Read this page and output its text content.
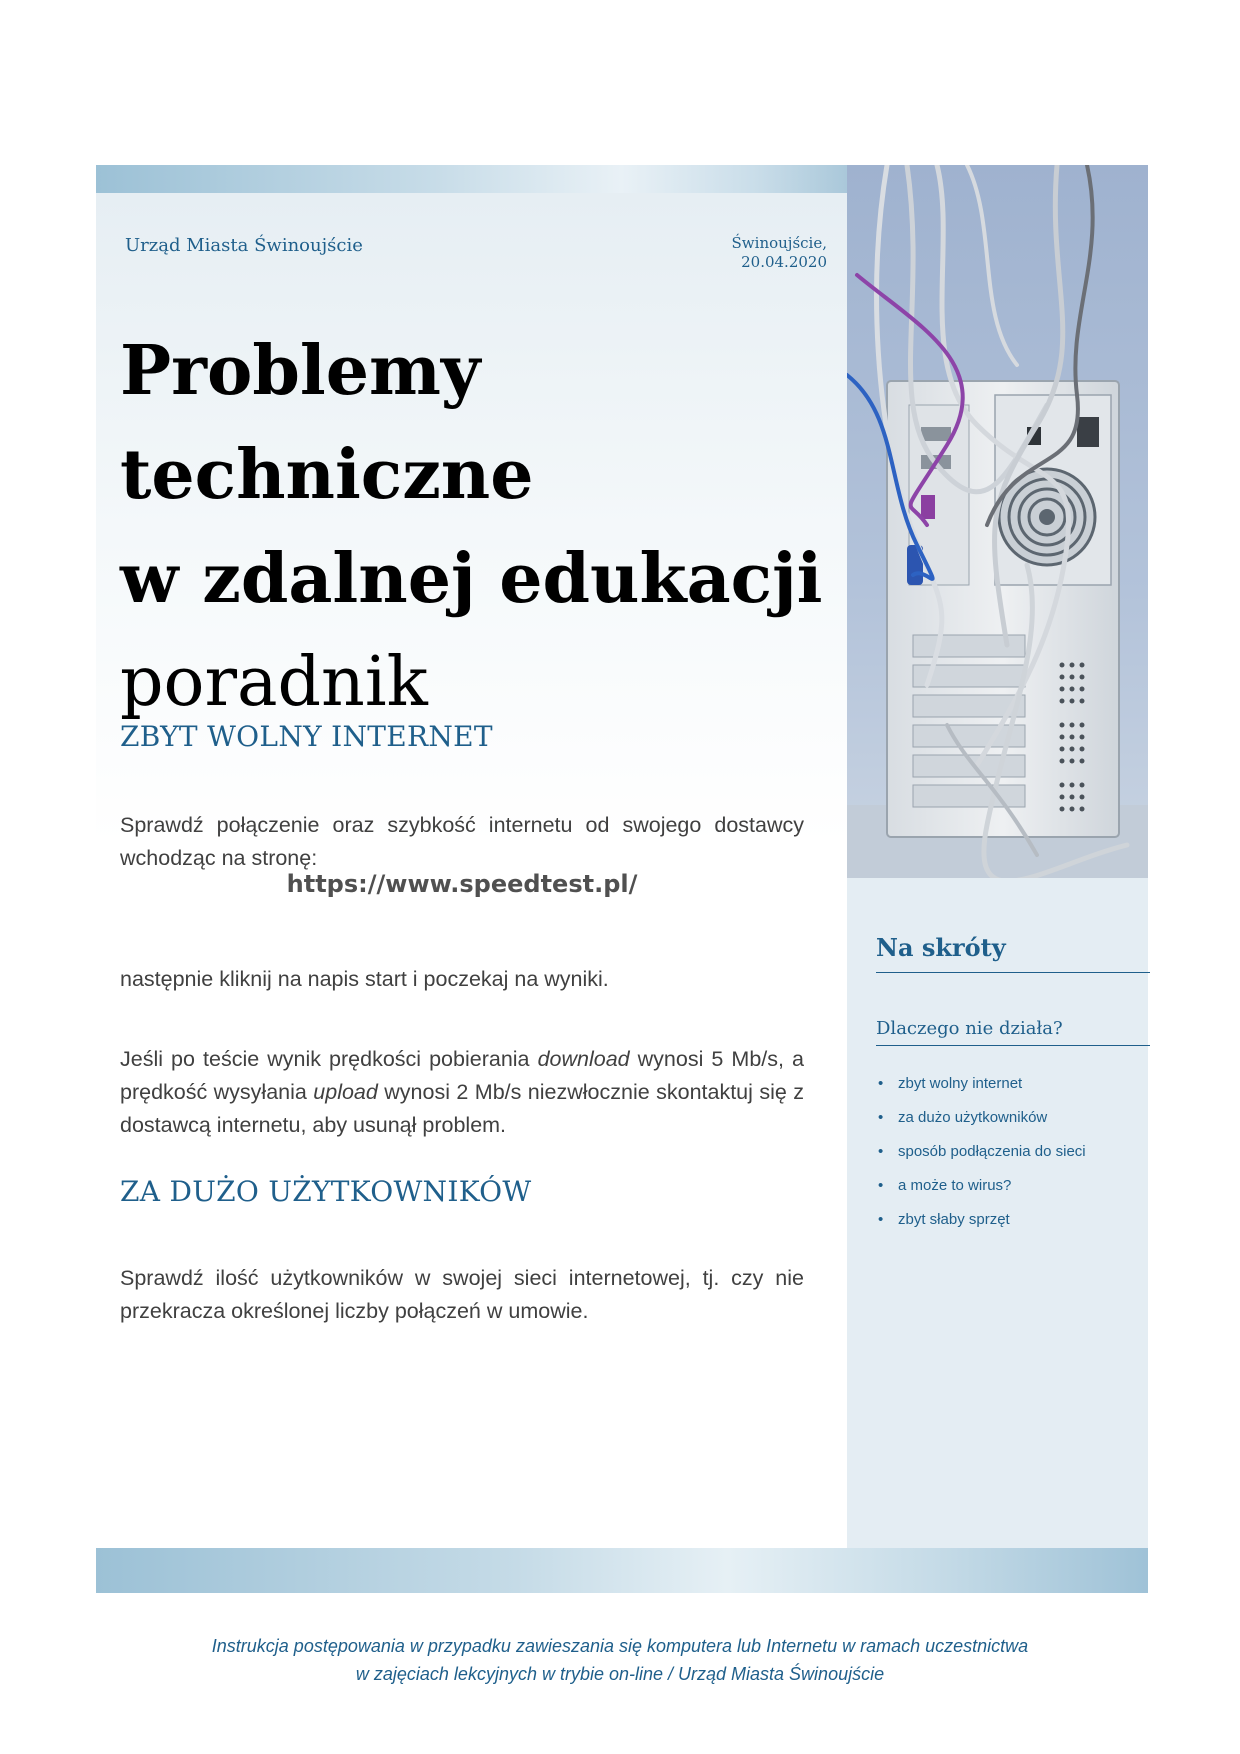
Urząd Miasta Świnoujście	Świnoujście,
20.04.2020
Problemy
techniczne
w zdalnej edukacji
poradnik
ZBYT WOLNY INTERNET
Sprawdź połączenie oraz szybkość internetu od swojego dostawcy wchodząc na stronę:
https://www.speedtest.pl/
następnie kliknij na napis start i poczekaj na wyniki.
Jeśli po teście wynik prędkości pobierania download wynosi 5 Mb/s, a prędkość wysyłania upload wynosi 2 Mb/s niezwłocznie skontaktuj się z dostawcą internetu, aby usunął problem.
ZA DUŻO UŻYTKOWNIKÓW
Sprawdź ilość użytkowników w swojej sieci internetowej, tj. czy nie przekracza określonej liczby połączeń w umowie.
Na skróty
Dlaczego nie działa?
• zbyt wolny internet
• za dużo użytkowników
• sposób podłączenia do sieci
• a może to wirus?
• zbyt słaby sprzęt
Instrukcja postępowania w przypadku zawieszania się komputera lub Internetu w ramach uczestnictwa
w zajęciach lekcyjnych w trybie on-line / Urząd Miasta Świnoujście
